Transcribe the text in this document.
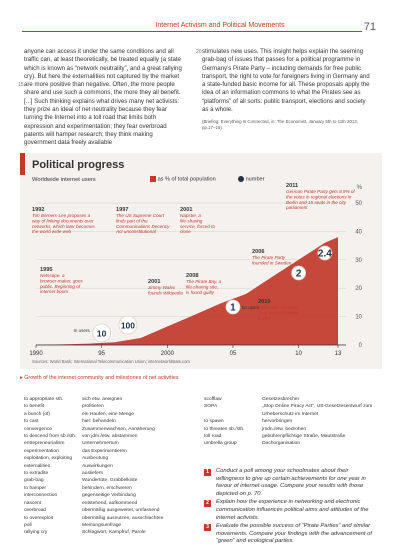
Internet Activism and Political Movements	71
15
anyone can access it under the same conditions and all traffic can, at least theoretically, be treated equally (a state which is known as “network neutrality”, and a great rallying cry). But here the externalities not captured by the market are more positive than negative. Often, the more people share and use such a commons, the more they all benefit. [...] Such thinking explains what drives many net activists: they prize an ideal of net neutrality because they fear turning the Internet into a toll road that limits both expression and experimentation; they fear overbroad patents will hamper research; they think making government data freely available
20 stimulates new uses. This insight helps explain the seeming grab-bag of issues that passes for a political programme in Germany’s Pirate Party – including demands for free public transport, the right to vote for foreigners living in Germany and a state-funded basic income for all. These proposals apply the idea of an information commons to what the Pirates see as “platforms” of all sorts: public transport, elections and society as a whole.
(Briefing: Everything Is Connected, in: The Economist, January 5th to 11th 2013, pp.17–19)
Political progress
Worldwide internet users	as % of total population	number
0
10
20
30
40
50
%
1990	95	2000	05	10	13
10
100
1
2
2.4
m users
bn users
1992
Tim Berners-Lee proposes a way of linking documents over networks, which later becomes the world wide web
1995
Netscape, a browser-maker, goes public. Beginning of internet boom
1997
The US Supreme Court finds part of the Communications Decency Act unconstitutional
2001
Napster, a file-sharing service, forced to close
2001
Jimmy Wales founds Wikipedia
2006
The Pirate Party founded in Sweden
2008
The Pirate Bay, a file-sharing site, is found guilty
2010
WikiLeaks releases American diplomatic cables
2011
German Pirate Party gets 8.9% of the votes in regional elections in Berlin and 15 seats in the city parliament
Sources: World Bank; International Telecommunication Union; internetworldstats.com
▸ Growth of the internet community and milestones of net activities
to appropriate sth.	sich etw. aneignen
to benefit	profitieren
a bunch (of)	ein Haufen, eine Menge
to cast	hier: behandeln
convergence	Zusammenwachsen, Annäherung
to descend from sb./sth.	von jdm./etw. abstammen
entrepreneurialism	Unternehmertum
experimentation	das Experimentieren
exploitation, exploiting	Ausbeutung
externalities	Auswirkungen
to extradite	ausliefern
grab-bag	Wundertüte, Grabbelkiste
to hamper	behindern, erschweren
interconnection	gegenseitige Verbindung
nascent	entstehend, aufkommend
overbroad	übermäßig ausgeweitet, umfassend
to overexploit	übermäßig ausnutzen, ausschlachten
poll	Meinungsumfrage
rallying cry	Schlagwort, Kampfruf, Parole
scofflaw	Gesetzesbrecher
SOPA	„Stop Online Piracy Act“, US-Gesetzesentwurf zum Urheberschutz im Internet
to spawn	hervorbringen
to threaten sb./sth.	jmdn./etw. bedrohen
toll road	gebührenpflichtige Straße, Mautstraße
umbrella group	Dachorganisation
1	Conduct a poll among your schoolmates about their willingness to give up certain achievements for one year in favour of internet usage. Compare your results with those depicted on p. 70.
2	Explain how the experience in networking and electronic communication influences political aims and attitudes of the internet activists.
3	Evaluate the possible success of “Pirate Parties” and similar movements. Compare your findings with the advancement of “green” and ecological parties.
